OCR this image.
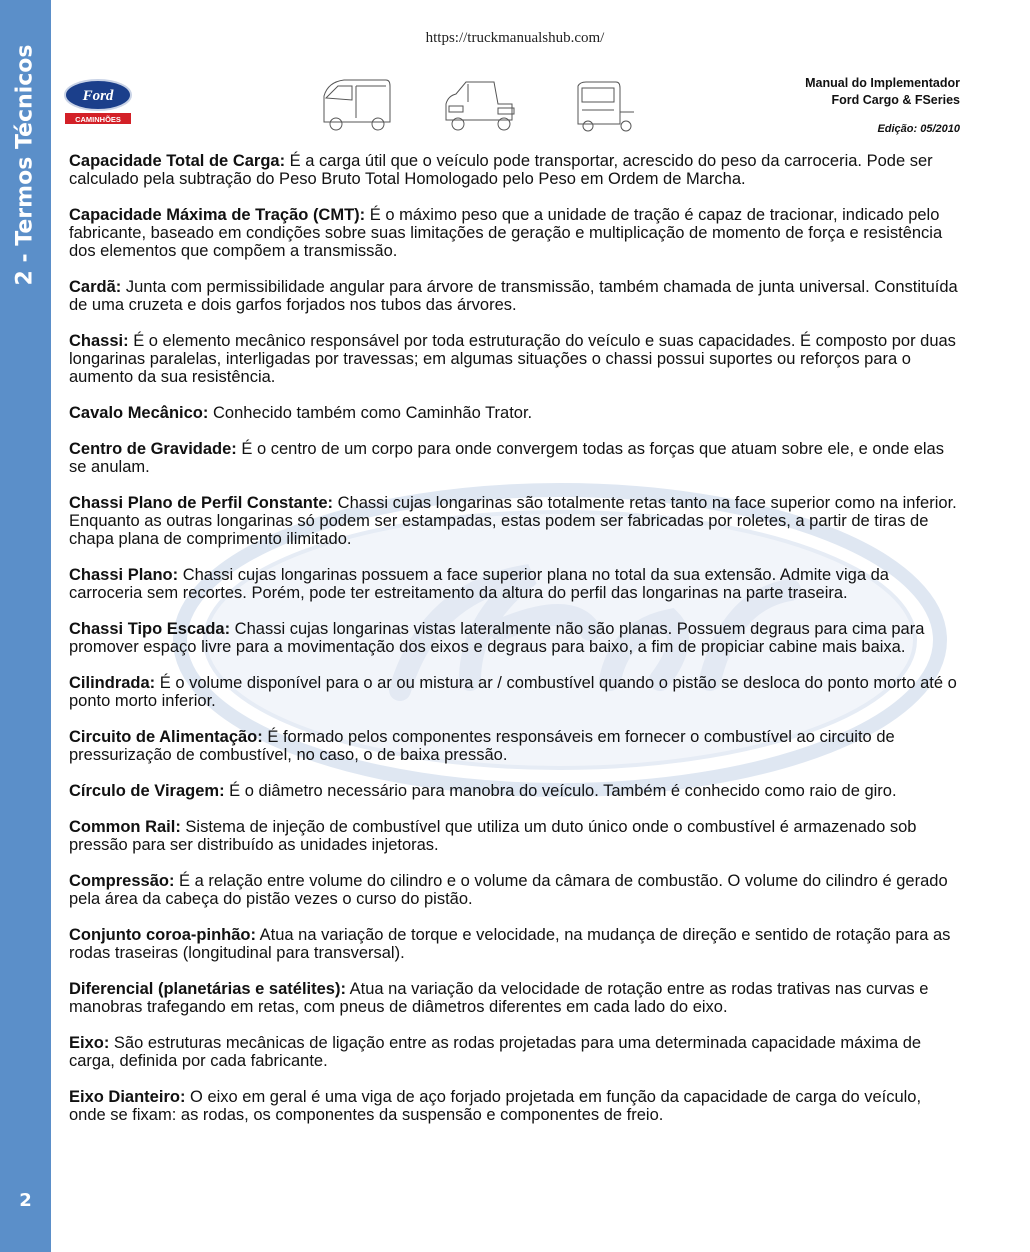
2 - Termos Técnicos
2
https://truckmanualshub.com/
Ford
CAMINHÕES
Manual do Implementador
Ford Cargo & FSeries
Edição: 05/2010

Capacidade Total de Carga: É a carga útil que o veículo pode transportar, acrescido do peso da carroceria. Pode ser calculado pela subtração do Peso Bruto Total Homologado pelo Peso em Ordem de Marcha.

Capacidade Máxima de Tração (CMT): É o máximo peso que a unidade de tração é capaz de tracionar, indicado pelo fabricante, baseado em condições sobre suas limitações de geração e multiplicação de momento de força e resistência dos elementos que compõem a transmissão.

Cardã: Junta com permissibilidade angular para árvore de transmissão, também chamada de junta universal. Constituída de uma cruzeta e dois garfos forjados nos tubos das árvores.

Chassi: É o elemento mecânico responsável por toda estruturação do veículo e suas capacidades. É composto por duas longarinas paralelas, interligadas por travessas; em algumas situações o chassi possui suportes ou reforços para o aumento da sua resistência.

Cavalo Mecânico: Conhecido também como Caminhão Trator.

Centro de Gravidade: É o centro de um corpo para onde convergem todas as forças que atuam sobre ele, e onde elas se anulam.

Chassi Plano de Perfil Constante: Chassi cujas longarinas são totalmente retas tanto na face superior como na inferior. Enquanto as outras longarinas só podem ser estampadas, estas podem ser fabricadas por roletes, a partir de tiras de chapa plana de comprimento ilimitado.

Chassi Plano: Chassi cujas longarinas possuem a face superior plana no total da sua extensão. Admite viga da carroceria sem recortes. Porém, pode ter estreitamento da altura do perfil das longarinas na parte traseira.

Chassi Tipo Escada: Chassi cujas longarinas vistas lateralmente não são planas. Possuem degraus para cima para promover espaço livre para a movimentação dos eixos e degraus para baixo, a fim de propiciar cabine mais baixa.

Cilindrada: É o volume disponível para o ar ou mistura ar / combustível quando o pistão se desloca do ponto morto até o ponto morto inferior.

Circuito de Alimentação: É formado pelos componentes responsáveis em fornecer o combustível ao circuito de pressurização de combustível, no caso, o de baixa pressão.

Círculo de Viragem: É o diâmetro necessário para manobra do veículo. Também é conhecido como raio de giro.

Common Rail: Sistema de injeção de combustível que utiliza um duto único onde o combustível é armazenado sob pressão para ser distribuído as unidades injetoras.

Compressão: É a relação entre volume do cilindro e o volume da câmara de combustão. O volume do cilindro é gerado pela área da cabeça do pistão vezes o curso do pistão.

Conjunto coroa-pinhão: Atua na variação de torque e velocidade, na mudança de direção e sentido de rotação para as rodas traseiras (longitudinal para transversal).

Diferencial (planetárias e satélites): Atua na variação da velocidade de rotação entre as rodas trativas nas curvas e manobras trafegando em retas, com pneus de diâmetros diferentes em cada lado do eixo.

Eixo: São estruturas mecânicas de ligação entre as rodas projetadas para uma determinada capacidade máxima de carga, definida por cada fabricante.

Eixo Dianteiro: O eixo em geral é uma viga de aço forjado projetada em função da capacidade de carga do veículo, onde se fixam: as rodas, os componentes da suspensão e componentes de freio.
